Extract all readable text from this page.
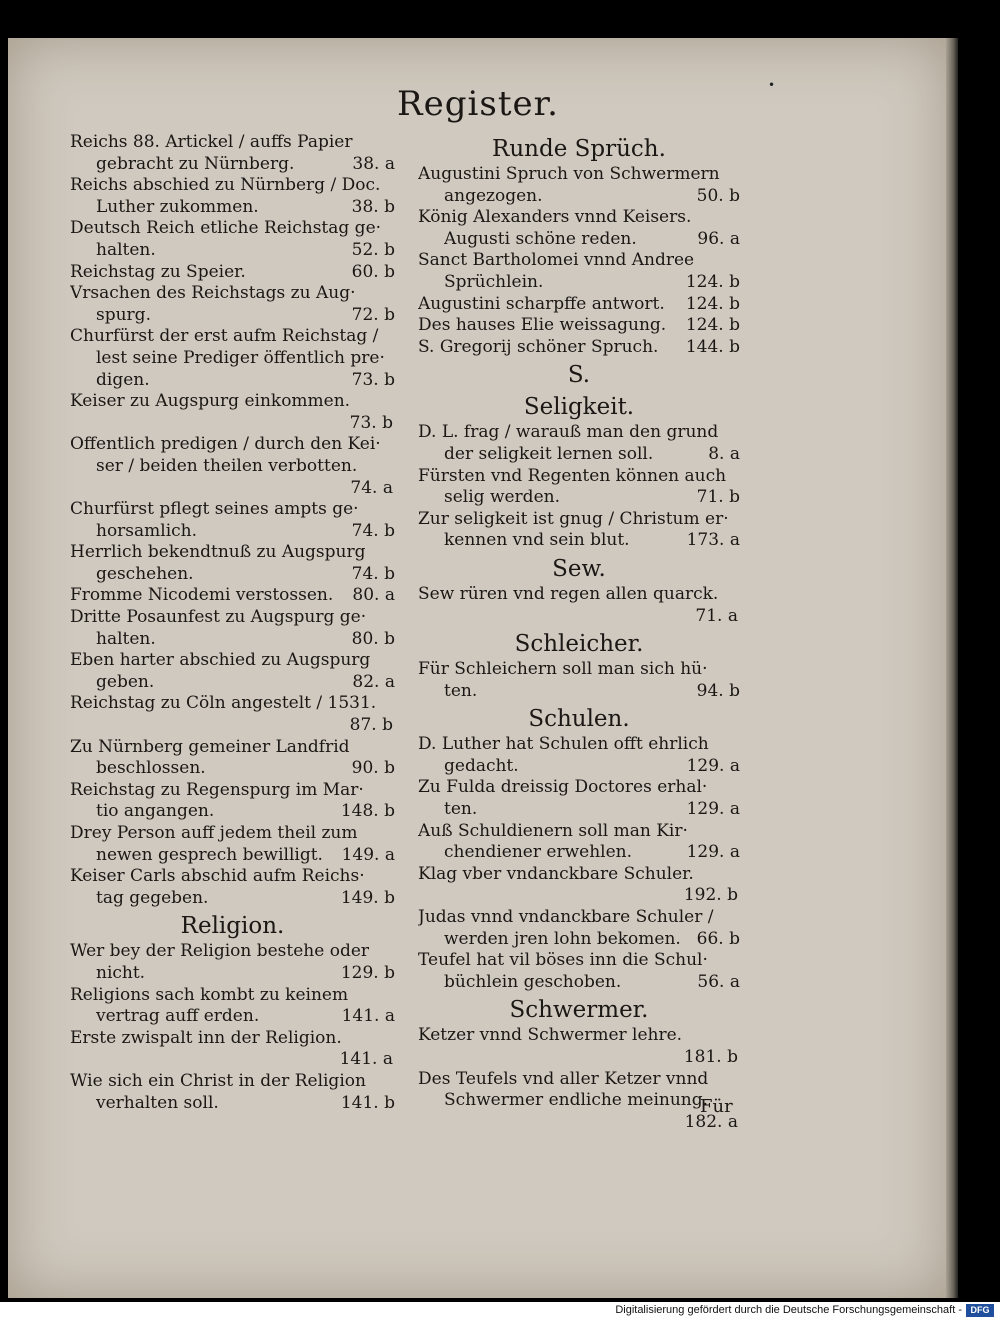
•
Register.
Reichs 88. Artickel / auffs Papier
gebracht zu Nürnberg.	38. a
Reichs abschied zu Nürnberg / Doc.
Luther zukommen.	38. b
Deutsch Reich etliche Reichstag ge·
halten.	52. b
Reichstag zu Speier.	60. b
Vrsachen des Reichstags zu Aug·
spurg.	72. b
Churfürst der erst aufm Reichstag /
lest seine Prediger öffentlich pre·
digen.	73. b
Keiser zu Augspurg einkommen.
73. b
Offentlich predigen / durch den Kei·
ser / beiden theilen verbotten.
74. a
Churfürst pflegt seines ampts ge·
horsamlich.	74. b
Herrlich bekendtnuß zu Augspurg
geschehen.	74. b
Fromme Nicodemi verstossen.	80. a
Dritte Posaunfest zu Augspurg ge·
halten.	80. b
Eben harter abschied zu Augspurg
geben.	82. a
Reichstag zu Cöln angestelt / 1531.
87. b
Zu Nürnberg gemeiner Landfrid
beschlossen.	90. b
Reichstag zu Regenspurg im Mar·
tio angangen.	148. b
Drey Person auff jedem theil zum
newen gesprech bewilligt.	149. a
Keiser Carls abschid aufm Reichs·
tag gegeben.	149. b
Religion.
Wer bey der Religion bestehe oder
nicht.	129. b
Religions sach kombt zu keinem
vertrag auff erden.	141. a
Erste zwispalt inn der Religion.
141. a
Wie sich ein Christ in der Religion
verhalten soll.	141. b
Runde Sprüch.
Augustini Spruch von Schwermern
angezogen.	50. b
König Alexanders vnnd Keisers.
Augusti schöne reden.	96. a
Sanct Bartholomei vnnd Andree
Sprüchlein.	124. b
Augustini scharpffe antwort.	124. b
Des hauses Elie weissagung.	124. b
S. Gregorij schöner Spruch.	144. b
S.
Seligkeit.
D. L. frag / warauß man den grund
der seligkeit lernen soll.	8. a
Fürsten vnd Regenten können auch
selig werden.	71. b
Zur seligkeit ist gnug / Christum er·
kennen vnd sein blut.	173. a
Sew.
Sew rüren vnd regen allen quarck.
71. a
Schleicher.
Für Schleichern soll man sich hü·
ten.	94. b
Schulen.
D. Luther hat Schulen offt ehrlich
gedacht.	129. a
Zu Fulda dreissig Doctores erhal·
ten.	129. a
Auß Schuldienern soll man Kir·
chendiener erwehlen.	129. a
Klag vber vndanckbare Schuler.
192. b
Judas vnnd vndanckbare Schuler /
werden jren lohn bekomen. 66. b
Teufel hat vil böses inn die Schul·
büchlein geschoben.	56. a
Schwermer.
Ketzer vnnd Schwermer lehre.
181. b
Des Teufels vnd aller Ketzer vnnd
Schwermer endliche meinung.
182. a
Für
Digitalisierung gefördert durch die Deutsche Forschungsgemeinschaft - DFG
